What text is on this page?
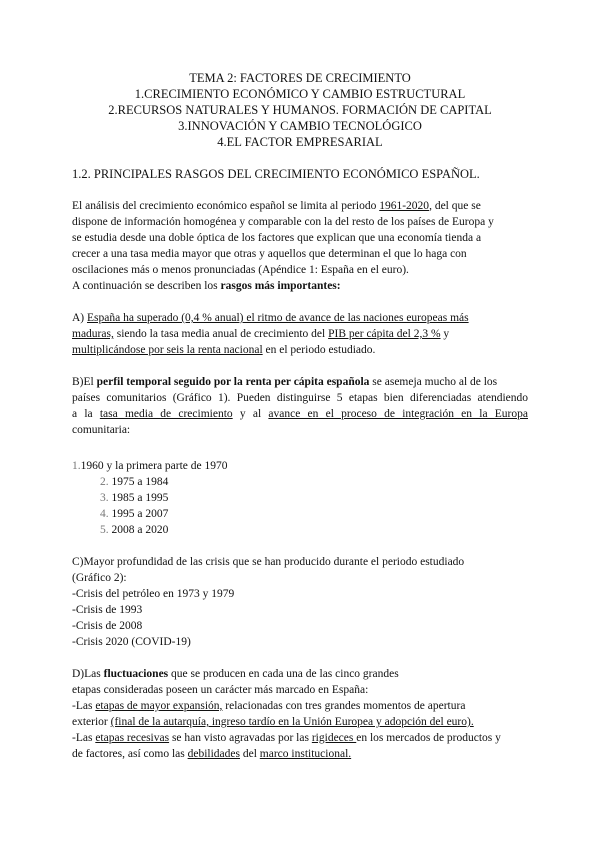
TEMA 2: FACTORES DE CRECIMIENTO
1.CRECIMIENTO ECONÓMICO Y CAMBIO ESTRUCTURAL
2.RECURSOS NATURALES Y HUMANOS. FORMACIÓN DE CAPITAL
3.INNOVACIÓN Y CAMBIO TECNOLÓGICO
4.EL FACTOR EMPRESARIAL
1.2. PRINCIPALES RASGOS DEL CRECIMIENTO ECONÓMICO ESPAÑOL.
El análisis del crecimiento económico español se limita al periodo 1961-2020, del que se
dispone de información homogénea y comparable con la del resto de los países de Europa y
se estudia desde una doble óptica de los factores que explican que una economía tienda a
crecer a una tasa media mayor que otras y aquellos que determinan el que lo haga con
oscilaciones más o menos pronunciadas (Apéndice 1: España en el euro).
A continuación se describen los rasgos más importantes:
A) España ha superado (0,4 % anual) el ritmo de avance de las naciones europeas más
maduras, siendo la tasa media anual de crecimiento del PIB per cápita del 2,3 % y
multiplicándose por seis la renta nacional en el periodo estudiado.
B)El perfil temporal seguido por la renta per cápita española se asemeja mucho al de los
países comunitarios (Gráfico 1). Pueden distinguirse 5 etapas bien diferenciadas atendiendo
a la tasa media de crecimiento y al avance en el proceso de integración en la Europa
comunitaria:
1.1960 y la primera parte de 1970
2. 1975 a 1984
3. 1985 a 1995
4. 1995 a 2007
5. 2008 a 2020
C)Mayor profundidad de las crisis que se han producido durante el periodo estudiado
(Gráfico 2):
-Crisis del petróleo en 1973 y 1979
-Crisis de 1993
-Crisis de 2008
-Crisis 2020 (COVID-19)
D)Las fluctuaciones que se producen en cada una de las cinco grandes
etapas consideradas poseen un carácter más marcado en España:
-Las etapas de mayor expansión, relacionadas con tres grandes momentos de apertura
exterior (final de la autarquía, ingreso tardío en la Unión Europea y adopción del euro).
-Las etapas recesivas se han visto agravadas por las rigideces en los mercados de productos y
de factores, así como las debilidades del marco institucional.
